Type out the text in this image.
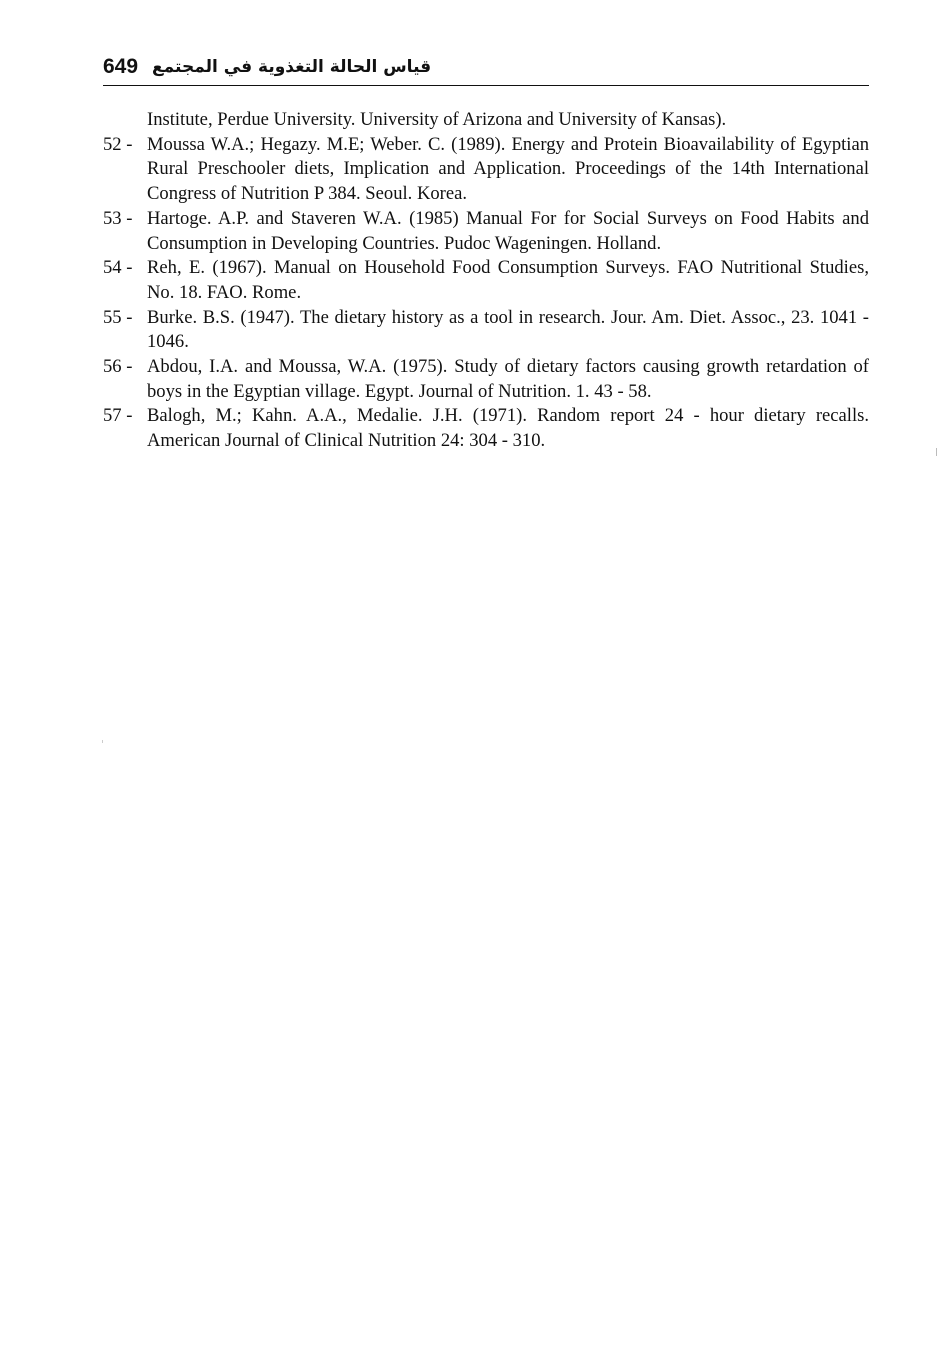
649 قياس الحالة التغذوية في المجتمع
Institute, Perdue University. University of Arizona and University of Kansas).
52 - Moussa W.A.; Hegazy. M.E; Weber. C. (1989). Energy and Protein Bioavailability of Egyptian Rural Preschooler diets, Implication and Application. Proceedings of the 14th International Congress of Nutrition P 384. Seoul. Korea.
53 - Hartoge. A.P. and Staveren W.A. (1985) Manual For for Social Surveys on Food Habits and Consumption in Developing Countries. Pudoc Wageningen. Holland.
54 - Reh, E. (1967). Manual on Household Food Consumption Surveys. FAO Nutritional Studies, No. 18. FAO. Rome.
55 - Burke. B.S. (1947). The dietary history as a tool in research. Jour. Am. Diet. Assoc., 23. 1041 - 1046.
56 - Abdou, I.A. and Moussa, W.A. (1975). Study of dietary factors causing growth retardation of boys in the Egyptian village. Egypt. Journal of Nutrition. 1. 43 - 58.
57 - Balogh, M.; Kahn. A.A., Medalie. J.H. (1971). Random report 24 - hour dietary recalls. American Journal of Clinical Nutrition 24: 304 - 310.
